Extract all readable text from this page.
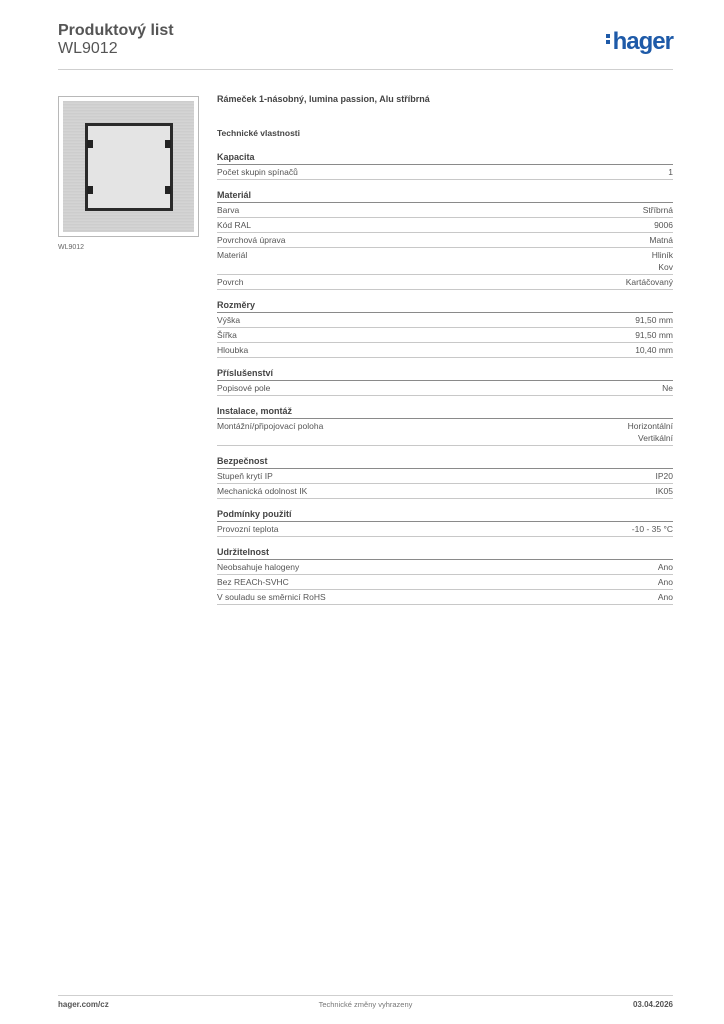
Produktový list
WL9012	hager
WL9012
Rámeček 1-násobný, lumina passion, Alu stříbrná
Technické vlastnosti
Kapacita
Počet skupin spínačů	1
Materiál
Barva	Stříbrná
Kód RAL	9006
Povrchová úprava	Matná
Materiál	Hliník
Kov
Povrch	Kartáčovaný
Rozměry
Výška	91,50 mm
Šířka	91,50 mm
Hloubka	10,40 mm
Příslušenství
Popisové pole	Ne
Instalace, montáž
Montážní/připojovací poloha	Horizontální
Vertikální
Bezpečnost
Stupeň krytí IP	IP20
Mechanická odolnost IK	IK05
Podmínky použití
Provozní teplota	-10 - 35 °C
Udržitelnost
Neobsahuje halogeny	Ano
Bez REACh-SVHC	Ano
V souladu se směrnicí RoHS	Ano
hager.com/cz	Technické změny vyhrazeny	03.04.2026
